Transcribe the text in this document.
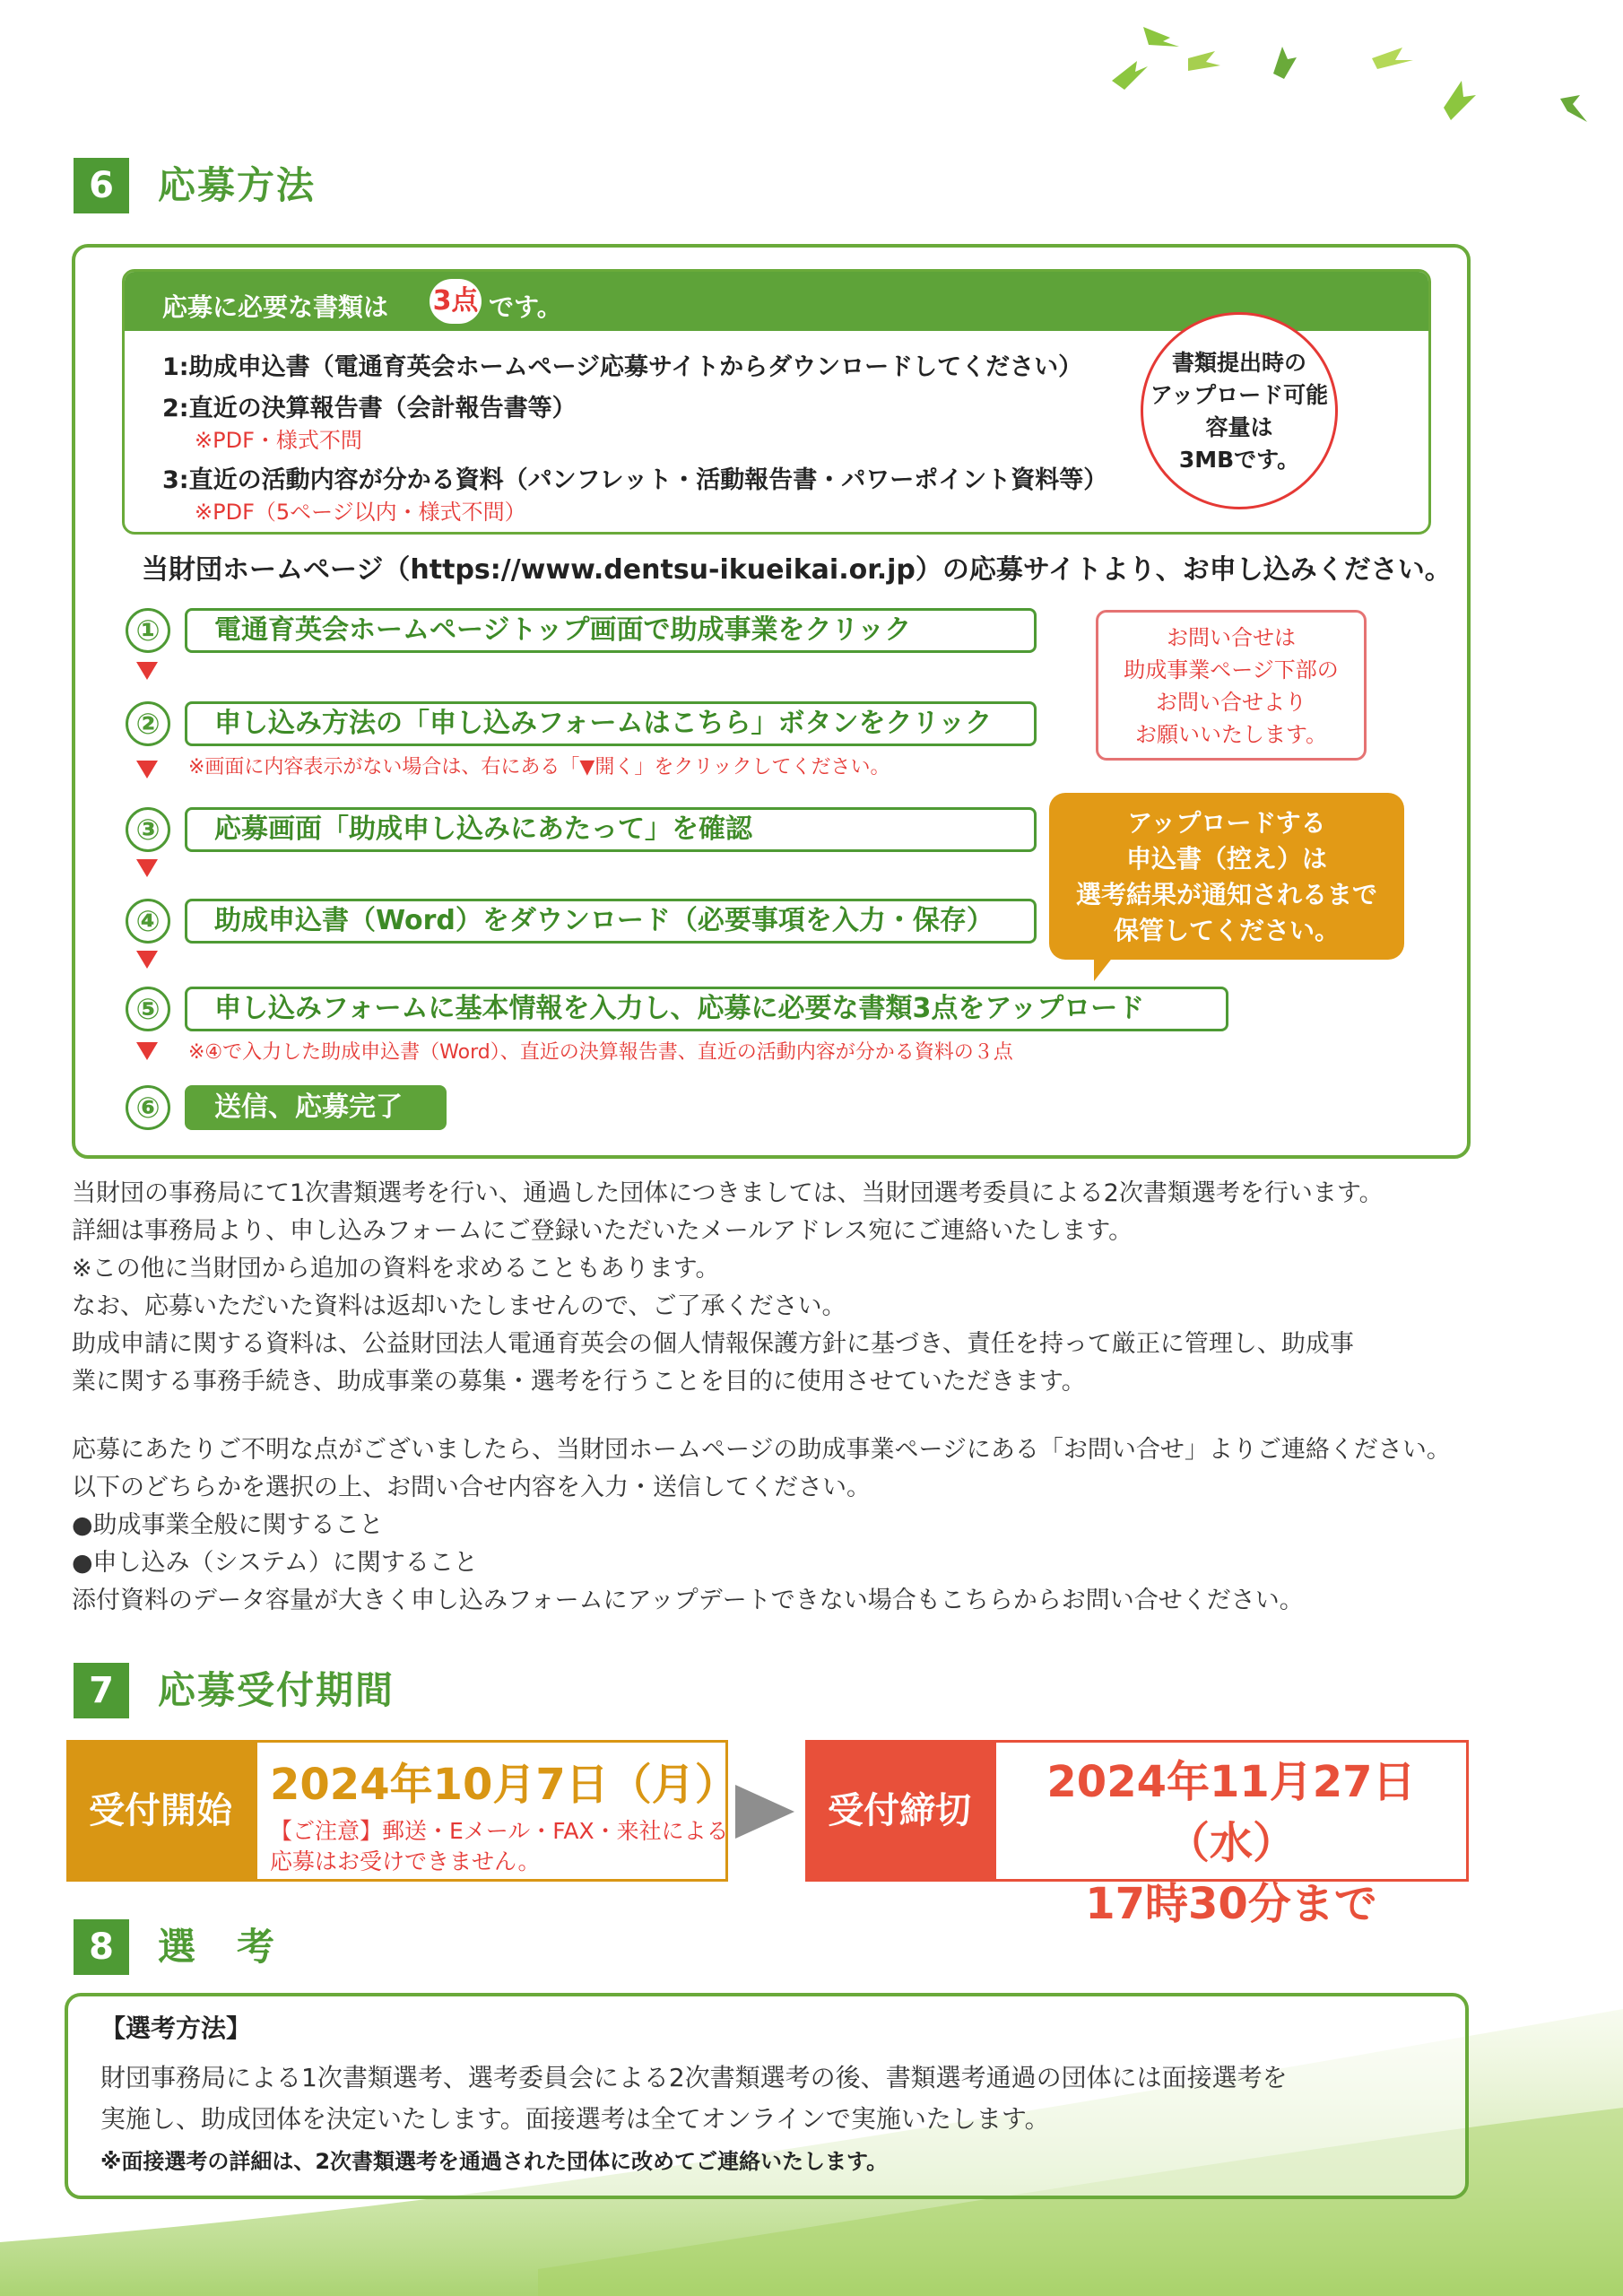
6	応募方法
応募に必要な書類は 3点 です。
1:助成申込書（電通育英会ホームページ応募サイトからダウンロードしてください）
2:直近の決算報告書（会計報告書等）
※PDF・様式不問
3:直近の活動内容が分かる資料（パンフレット・活動報告書・パワーポイント資料等）
※PDF（5ページ以内・様式不問）
書類提出時の
アップロード可能
容量は
3MBです。
当財団ホームページ（https://www.dentsu-ikueikai.or.jp）の応募サイトより、お申し込みください。
①	電通育英会ホームページトップ画面で助成事業をクリック
②	申し込み方法の「申し込みフォームはこちら」ボタンをクリック
※画面に内容表示がない場合は、右にある「▼開く」をクリックしてください。
③	応募画面「助成申し込みにあたって」を確認
④	助成申込書（Word）をダウンロード（必要事項を入力・保存）
⑤	申し込みフォームに基本情報を入力し、応募に必要な書類3点をアップロード
※④で入力した助成申込書（Word）、直近の決算報告書、直近の活動内容が分かる資料の３点
⑥	送信、応募完了
お問い合せは
助成事業ページ下部の
お問い合せより
お願いいたします。
アップロードする
申込書（控え）は
選考結果が通知されるまで
保管してください。
当財団の事務局にて1次書類選考を行い、通過した団体につきましては、当財団選考委員による2次書類選考を行います。
詳細は事務局より、申し込みフォームにご登録いただいたメールアドレス宛にご連絡いたします。
※この他に当財団から追加の資料を求めることもあります。
なお、応募いただいた資料は返却いたしませんので、ご了承ください。
助成申請に関する資料は、公益財団法人電通育英会の個人情報保護方針に基づき、責任を持って厳正に管理し、助成事
業に関する事務手続き、助成事業の募集・選考を行うことを目的に使用させていただきます。
応募にあたりご不明な点がございましたら、当財団ホームページの助成事業ページにある「お問い合せ」よりご連絡ください。
以下のどちらかを選択の上、お問い合せ内容を入力・送信してください。
●助成事業全般に関すること
●申し込み（システム）に関すること
添付資料のデータ容量が大きく申し込みフォームにアップデートできない場合もこちらからお問い合せください。
7	応募受付期間
受付開始
2024年10月7日（月）
【ご注意】郵送・Eメール・FAX・来社による
応募はお受けできません。
受付締切
2024年11月27日（水）
17時30分まで
8	選　考
【選考方法】
財団事務局による1次書類選考、選考委員会による2次書類選考の後、書類選考通過の団体には面接選考を
実施し、助成団体を決定いたします。面接選考は全てオンラインで実施いたします。
※面接選考の詳細は、2次書類選考を通過された団体に改めてご連絡いたします。
